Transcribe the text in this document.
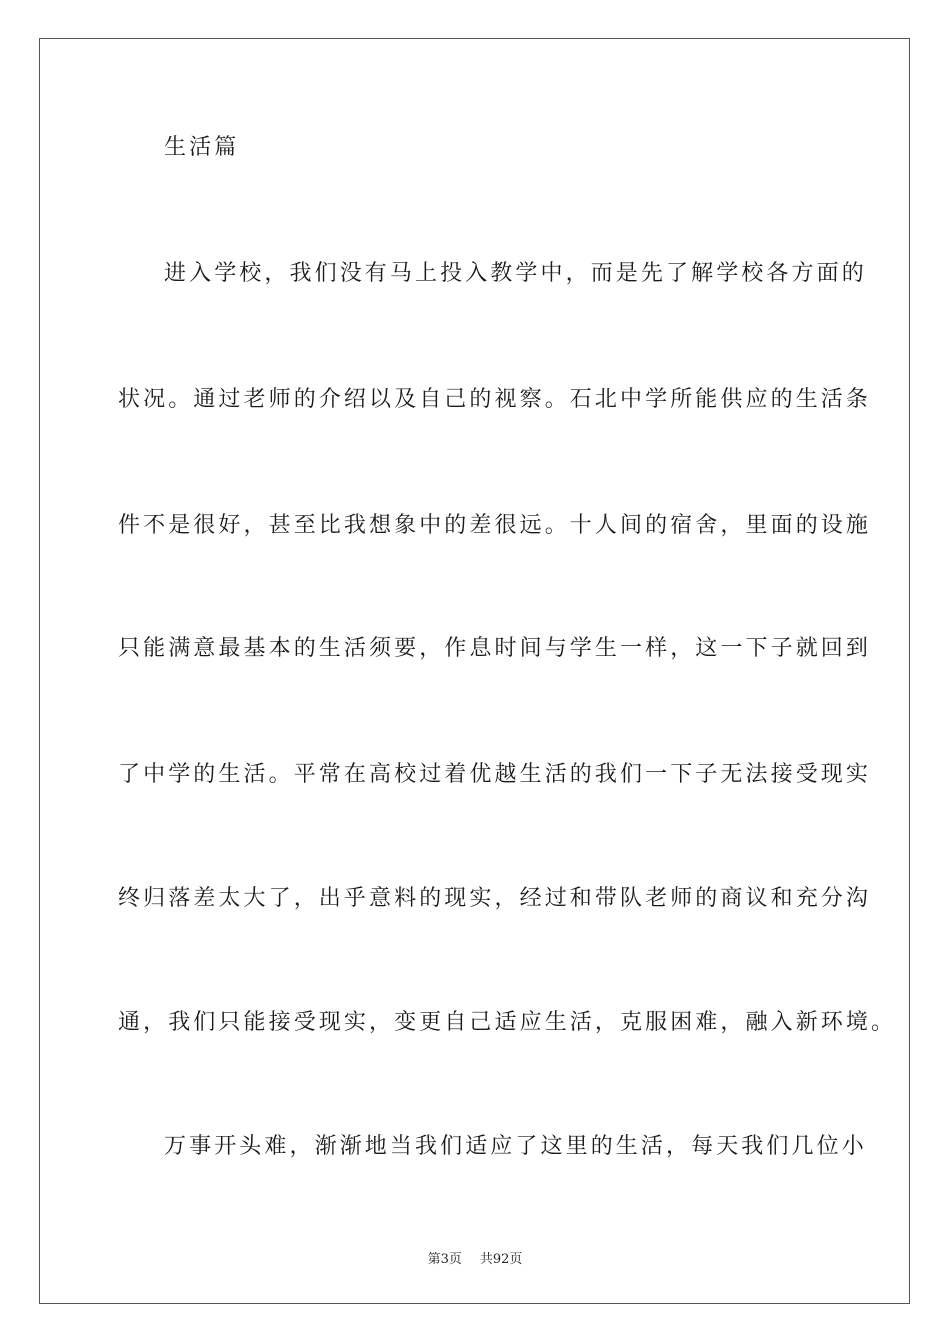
生活篇
进入学校，我们没有马上投入教学中，而是先了解学校各方面的
状况。通过老师的介绍以及自己的视察。石北中学所能供应的生活条
件不是很好，甚至比我想象中的差很远。十人间的宿舍，里面的设施
只能满意最基本的生活须要，作息时间与学生一样，这一下子就回到
了中学的生活。平常在高校过着优越生活的我们一下子无法接受现实
终归落差太大了，出乎意料的现实，经过和带队老师的商议和充分沟
通，我们只能接受现实，变更自己适应生活，克服困难，融入新环境。
万事开头难，渐渐地当我们适应了这里的生活，每天我们几位小
第3页 共92页
